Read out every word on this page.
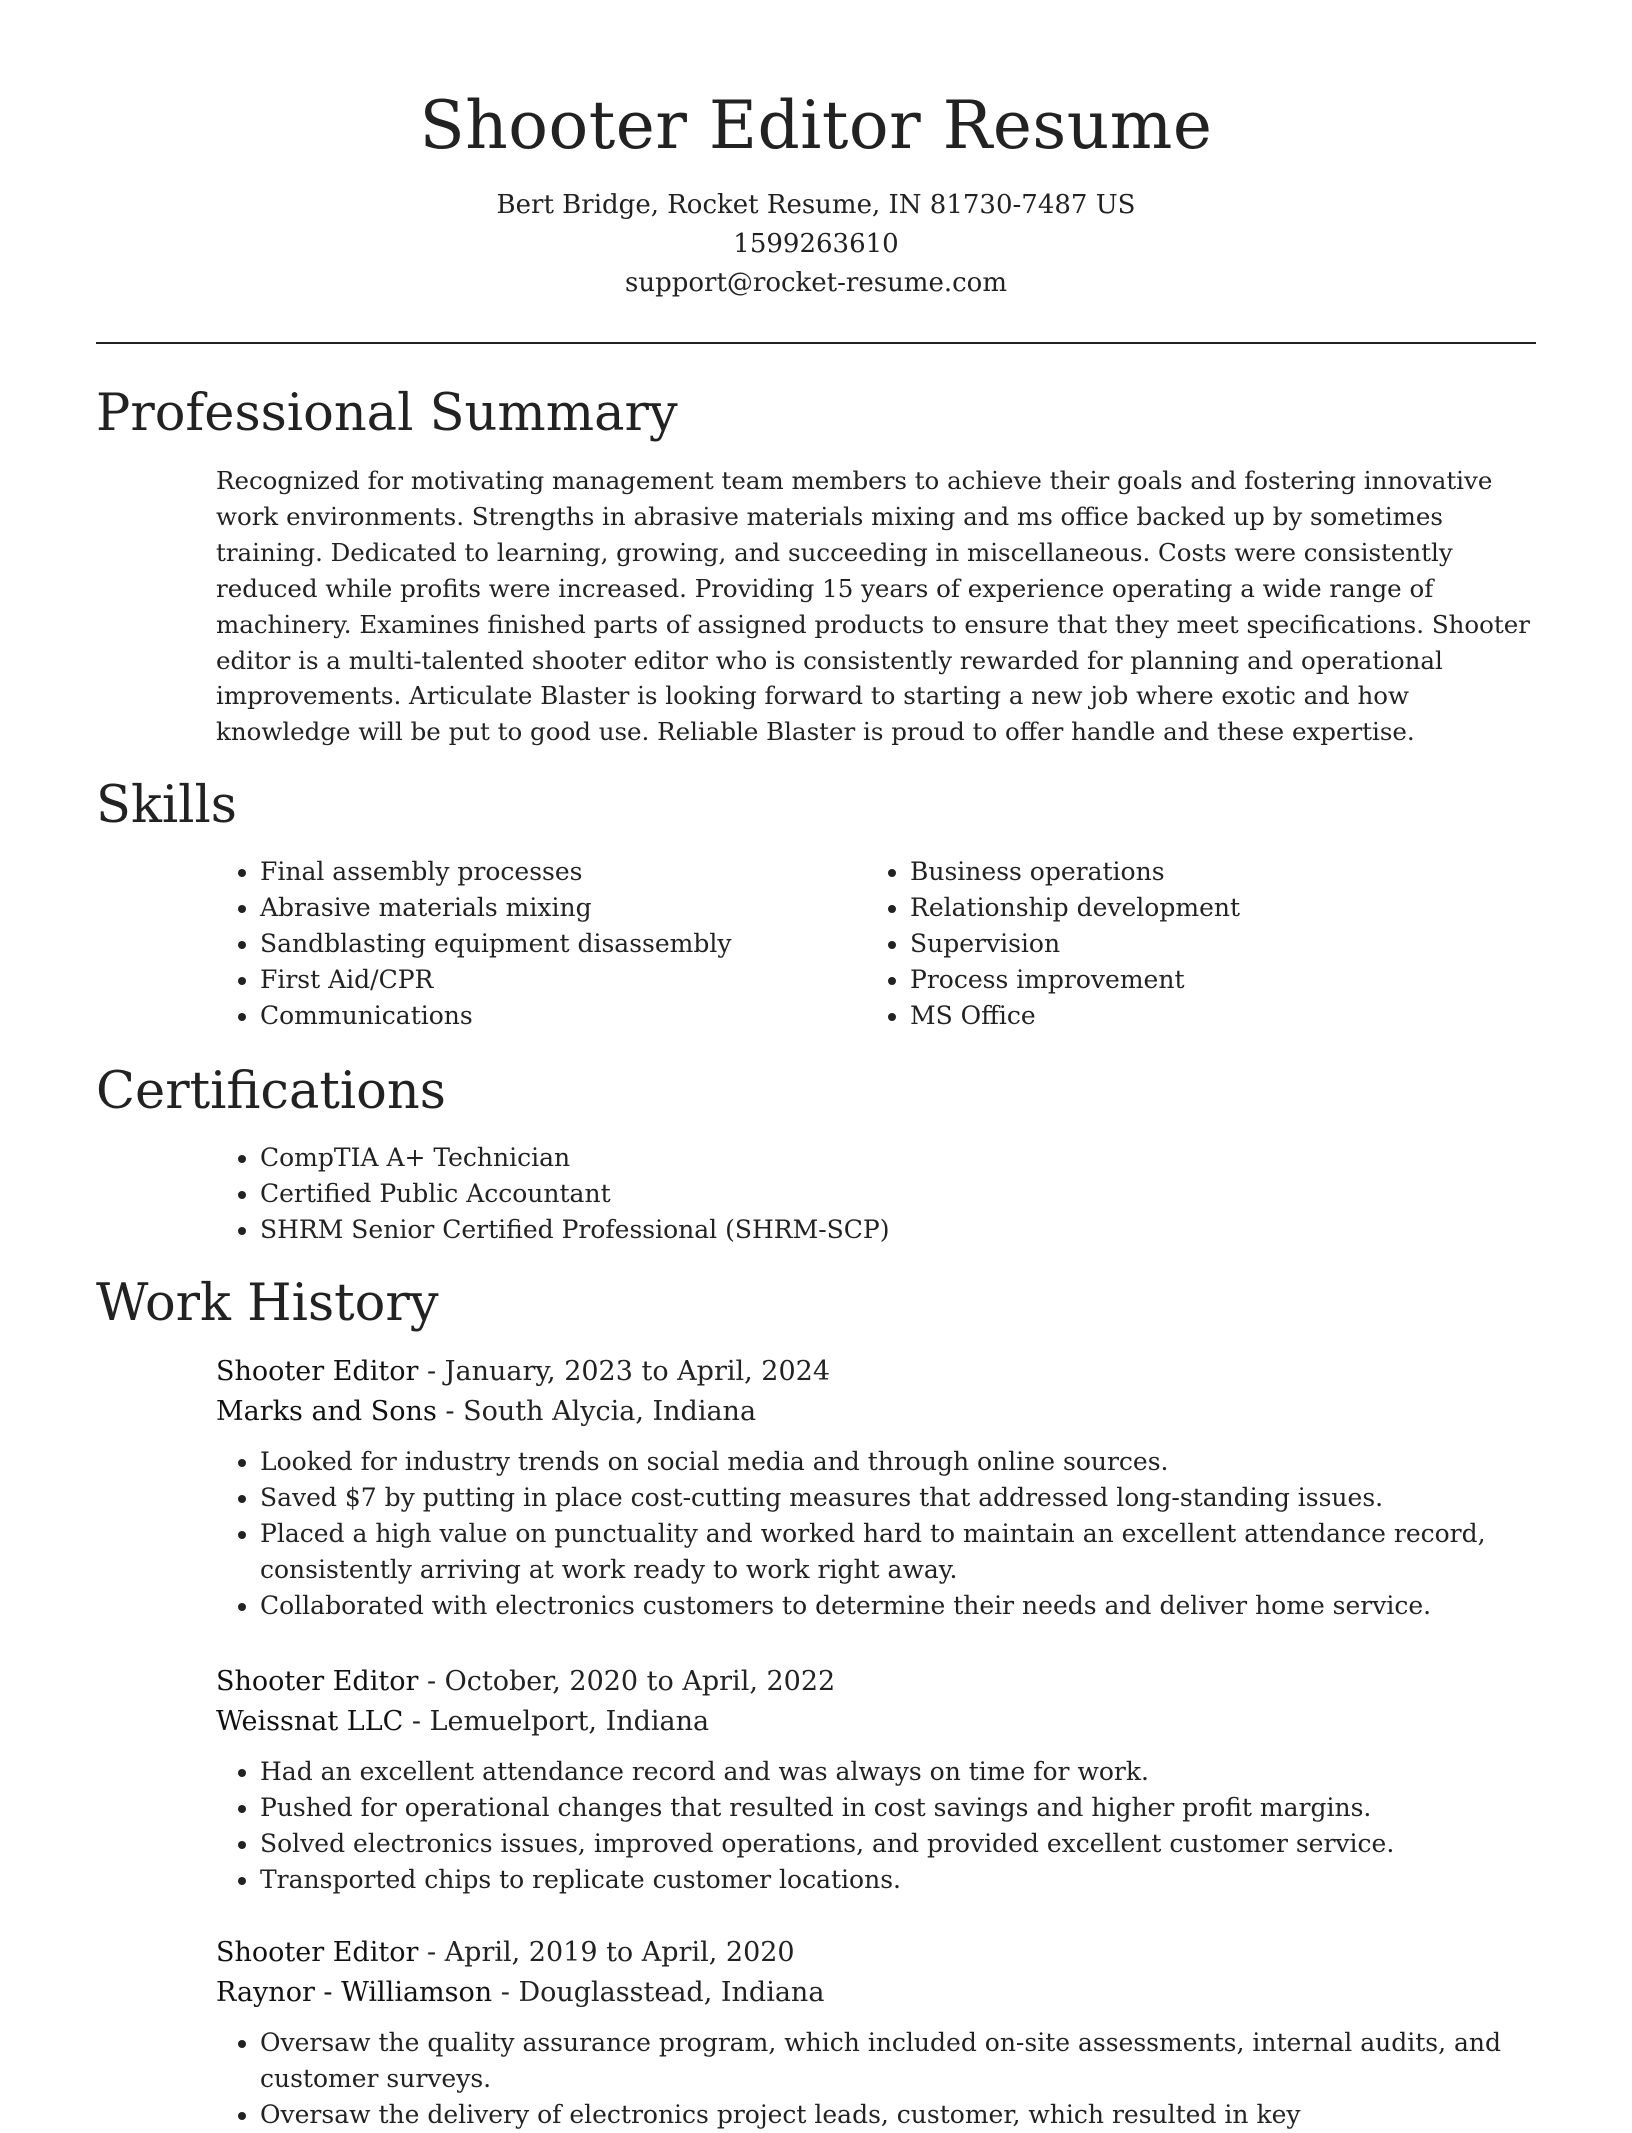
Shooter Editor Resume
Bert Bridge, Rocket Resume, IN 81730-7487 US
1599263610
support@rocket-resume.com
Professional Summary

Recognized for motivating management team members to achieve their goals and fostering innovative work environments. Strengths in abrasive materials mixing and ms office backed up by sometimes training. Dedicated to learning, growing, and succeeding in miscellaneous. Costs were consistently reduced while profits were increased. Providing 15 years of experience operating a wide range of machinery. Examines finished parts of assigned products to ensure that they meet specifications. Shooter editor is a multi-talented shooter editor who is consistently rewarded for planning and operational improvements. Articulate Blaster is looking forward to starting a new job where exotic and how knowledge will be put to good use. Reliable Blaster is proud to offer handle and these expertise.

Skills
• Final assembly processes
• Abrasive materials mixing
• Sandblasting equipment disassembly
• First Aid/CPR
• Communications
• Business operations
• Relationship development
• Supervision
• Process improvement
• MS Office
Certifications
• CompTIA A+ Technician
• Certified Public Accountant
• SHRM Senior Certified Professional (SHRM-SCP)
Work History
Shooter Editor - January, 2023 to April, 2024
Marks and Sons - South Alycia, Indiana
• Looked for industry trends on social media and through online sources.
• Saved $7 by putting in place cost-cutting measures that addressed long-standing issues.
• Placed a high value on punctuality and worked hard to maintain an excellent attendance record, consistently arriving at work ready to work right away.
• Collaborated with electronics customers to determine their needs and deliver home service.
Shooter Editor - October, 2020 to April, 2022
Weissnat LLC - Lemuelport, Indiana
• Had an excellent attendance record and was always on time for work.
• Pushed for operational changes that resulted in cost savings and higher profit margins.
• Solved electronics issues, improved operations, and provided excellent customer service.
• Transported chips to replicate customer locations.
Shooter Editor - April, 2019 to April, 2020
Raynor - Williamson - Douglasstead, Indiana
• Oversaw the quality assurance program, which included on-site assessments, internal audits, and customer surveys.
• Oversaw the delivery of electronics project leads, customer, which resulted in key
